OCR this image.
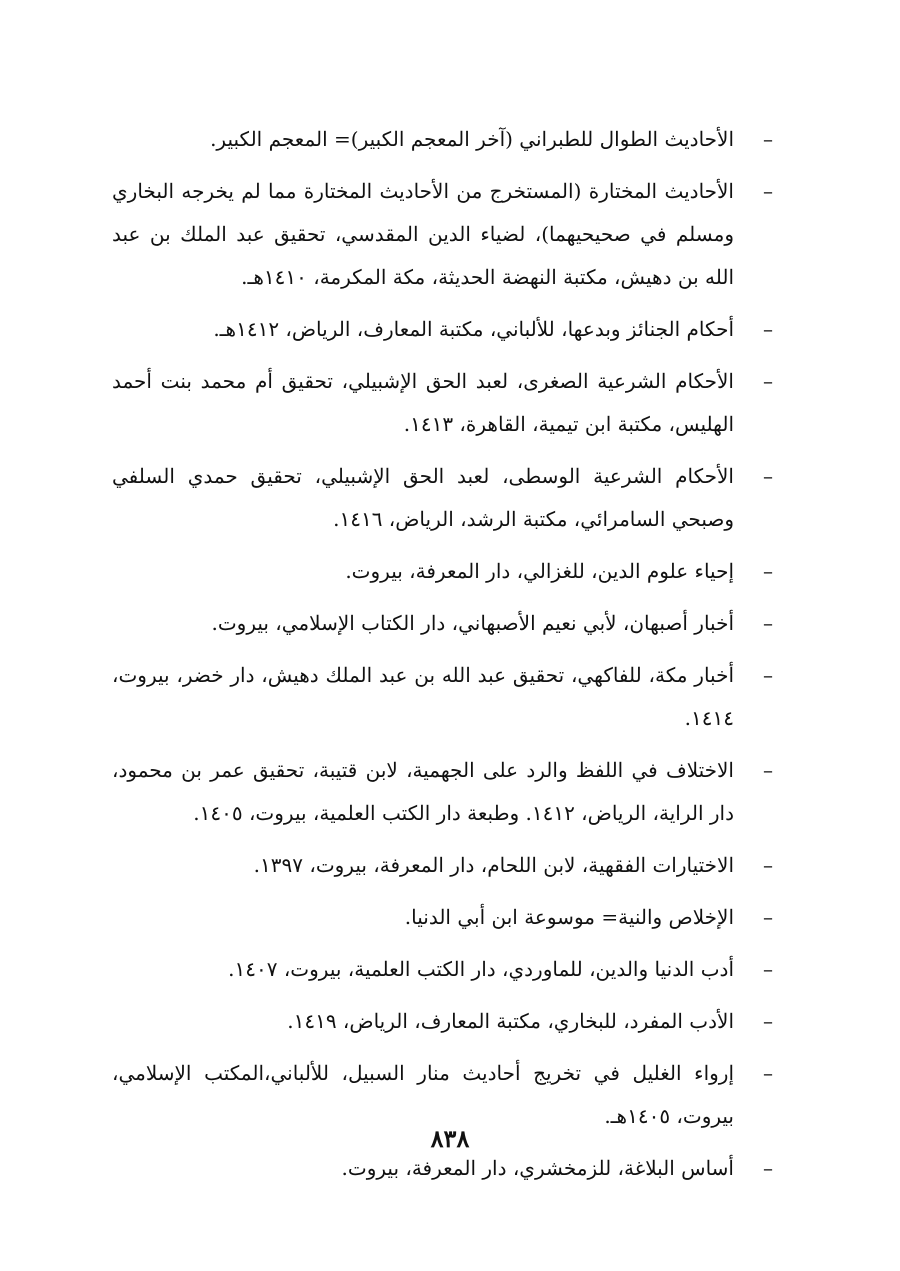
–
الأحاديث الطوال للطبراني (آخر المعجم الكبير)= المعجم الكبير.
–
الأحاديث المختارة (المستخرج من الأحاديث المختارة مما لم يخرجه البخاري ومسلم في صحيحيهما)، لضياء الدين المقدسي، تحقيق عبد الملك بن عبد الله بن دهيش، مكتبة النهضة الحديثة، مكة المكرمة، ١٤١٠هـ.
–
أحكام الجنائز وبدعها، للألباني، مكتبة المعارف، الرياض، ١٤١٢هـ.
–
الأحكام الشرعية الصغرى، لعبد الحق الإشبيلي، تحقيق أم محمد بنت أحمد الهليس، مكتبة ابن تيمية، القاهرة، ١٤١٣.
–
الأحكام الشرعية الوسطى، لعبد الحق الإشبيلي، تحقيق حمدي السلفي وصبحي السامرائي، مكتبة الرشد، الرياض، ١٤١٦.
–
إحياء علوم الدين، للغزالي، دار المعرفة، بيروت.
–
أخبار أصبهان، لأبي نعيم الأصبهاني، دار الكتاب الإسلامي، بيروت.
–
أخبار مكة، للفاكهي، تحقيق عبد الله بن عبد الملك دهيش، دار خضر، بيروت، ١٤١٤.
–
الاختلاف في اللفظ والرد على الجهمية، لابن قتيبة، تحقيق عمر بن محمود، دار الراية، الرياض، ١٤١٢. وطبعة دار الكتب العلمية، بيروت، ١٤٠٥.
–
الاختيارات الفقهية، لابن اللحام، دار المعرفة، بيروت، ١٣٩٧.
–
الإخلاص والنية= موسوعة ابن أبي الدنيا.
–
أدب الدنيا والدين، للماوردي، دار الكتب العلمية، بيروت، ١٤٠٧.
–
الأدب المفرد، للبخاري، مكتبة المعارف، الرياض، ١٤١٩.
–
إرواء الغليل في تخريج أحاديث منار السبيل، للألباني،المكتب الإسلامي، بيروت، ١٤٠٥هـ.
–
أساس البلاغة، للزمخشري، دار المعرفة، بيروت.
٨٣٨
